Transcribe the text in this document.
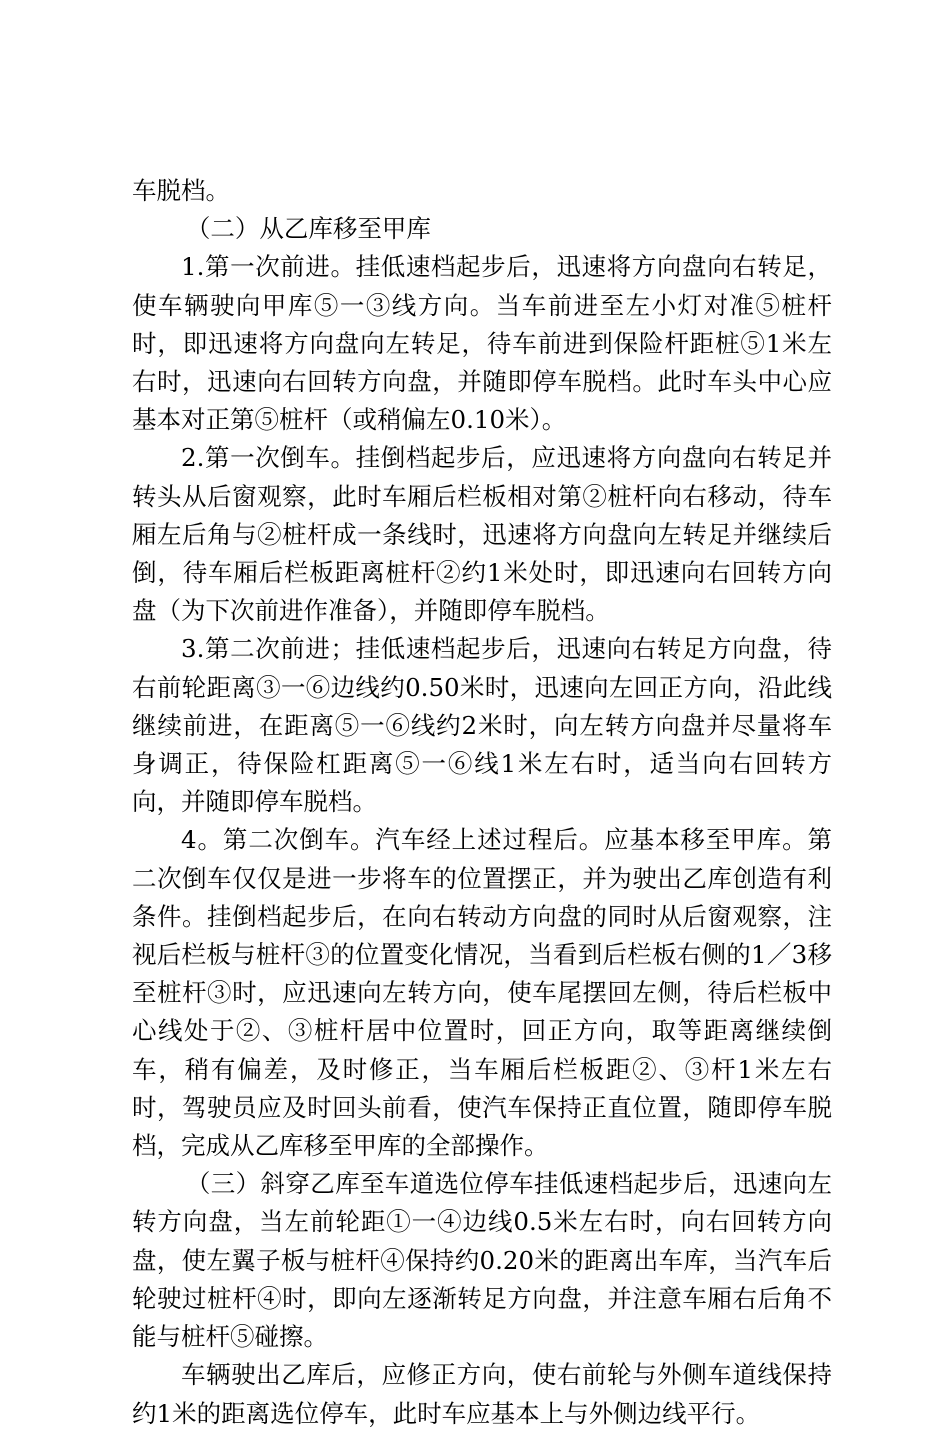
车脱档。

（二）从乙库移至甲库

1.第一次前进。挂低速档起步后，迅速将方向盘向右转足，使车辆驶向甲库⑤一③线方向。当车前进至左小灯对准⑤桩杆时，即迅速将方向盘向左转足，待车前进到保险杆距桩⑤1米左右时，迅速向右回转方向盘，并随即停车脱档。此时车头中心应基本对正第⑤桩杆（或稍偏左0.10米）。

2.第一次倒车。挂倒档起步后，应迅速将方向盘向右转足并转头从后窗观察，此时车厢后栏板相对第②桩杆向右移动，待车厢左后角与②桩杆成一条线时，迅速将方向盘向左转足并继续后倒，待车厢后栏板距离桩杆②约1米处时，即迅速向右回转方向盘（为下次前进作准备），并随即停车脱档。

3.第二次前进；挂低速档起步后，迅速向右转足方向盘，待右前轮距离③一⑥边线约0.50米时，迅速向左回正方向，沿此线继续前进，在距离⑤一⑥线约2米时，向左转方向盘并尽量将车身调正，待保险杠距离⑤一⑥线1米左右时，适当向右回转方向，并随即停车脱档。

4。第二次倒车。汽车经上述过程后。应基本移至甲库。第二次倒车仅仅是进一步将车的位置摆正，并为驶出乙库创造有利条件。挂倒档起步后，在向右转动方向盘的同时从后窗观察，注视后栏板与桩杆③的位置变化情况，当看到后栏板右侧的1／3移至桩杆③时，应迅速向左转方向，使车尾摆回左侧，待后栏板中心线处于②、③桩杆居中位置时，回正方向，取等距离继续倒车，稍有偏差，及时修正，当车厢后栏板距②、③杆1米左右时，驾驶员应及时回头前看，使汽车保持正直位置，随即停车脱档，完成从乙库移至甲库的全部操作。

（三）斜穿乙库至车道选位停车挂低速档起步后，迅速向左转方向盘，当左前轮距①一④边线0.5米左右时，向右回转方向盘，使左翼子板与桩杆④保持约0.20米的距离出车库，当汽车后轮驶过桩杆④时，即向左逐渐转足方向盘，并注意车厢右后角不能与桩杆⑤碰擦。

车辆驶出乙库后，应修正方向，使右前轮与外侧车道线保持约1米的距离选位停车，此时车应基本上与外侧边线平行。
